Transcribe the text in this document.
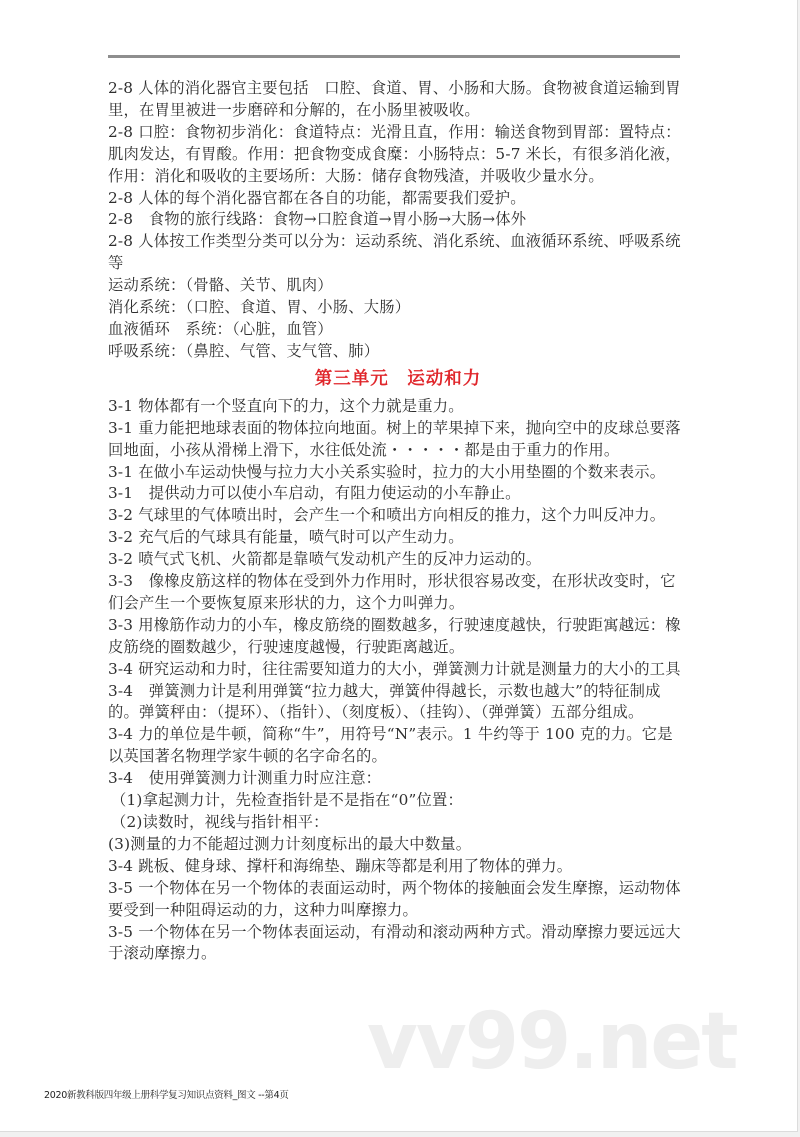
2-8 人体的消化器官主要包括　口腔、食道、胃、小肠和大肠。食物被食道运输到胃里，在胃里被进一步磨碎和分解的，在小肠里被吸收。

2-8 口腔：食物初步消化：食道特点：光滑且直，作用：输送食物到胃部：置特点：肌肉发达，有胃酸。作用：把食物变成食糜：小肠特点：5-7 米长，有很多消化液，作用：消化和吸收的主要场所：大肠：储存食物残渣，并吸收少量水分。

2-8 人体的每个消化器官都在各自的功能，都需要我们爱护。

2-8　食物的旅行线路：食物→口腔食道→胃小肠→大肠→体外

2-8 人体按工作类型分类可以分为：运动系统、消化系统、血液循环系统、呼吸系统等

运动系统：（骨骼、关节、肌肉）

消化系统：（口腔、食道、胃、小肠、大肠）

血液循环　系统：（心脏，血管）

呼吸系统：（鼻腔、气管、支气管、肺）

第三单元　运动和力

3-1 物体都有一个竖直向下的力，这个力就是重力。

3-1 重力能把地球表面的物体拉向地面。树上的苹果掉下来，抛向空中的皮球总要落回地面，小孩从滑梯上滑下，水往低处流・・・・・都是由于重力的作用。

3-1 在做小车运动快慢与拉力大小关系实验时，拉力的大小用垫圈的个数来表示。

3-1　提供动力可以使小车启动，有阻力使运动的小车静止。

3-2 气球里的气体喷出时，会产生一个和喷出方向相反的推力，这个力叫反冲力。

3-2 充气后的气球具有能量，喷气时可以产生动力。

3-2 喷气式飞机、火箭都是靠喷气发动机产生的反冲力运动的。

3-3　像橡皮筋这样的物体在受到外力作用时，形状很容易改变，在形状改变时，它们会产生一个要恢复原来形状的力，这个力叫弹力。

3-3 用橡筋作动力的小车，橡皮筋绕的圈数越多，行驶速度越快，行驶距寓越远：橡皮筋绕的圈数越少，行驶速度越慢，行驶距离越近。

3-4 研究运动和力时，往往需要知道力的大小，弹簧测力计就是测量力的大小的工具

3-4　弹簧测力计是利用弹簧“拉力越大，弹簧仲得越长，示数也越大”的特征制成的。弹簧秤由：（提环）、（指针）、（刻度板）、（挂钩）、（弹弹簧）五部分组成。

3-4 力的单位是牛顿，简称“牛”，用符号“N”表示。1 牛约等于 100 克的力。它是以英国著名物理学家牛顿的名字命名的。

3-4　使用弹簧测力计测重力时应注意：

（1)拿起测力计，先检查指针是不是指在“0”位置：

（2)读数时，视线与指针相平：

(3)测量的力不能超过测力计刻度标出的最大中数量。

3-4 跳板、健身球、撑杆和海绵垫、蹦床等都是利用了物体的弹力。

3-5 一个物体在另一个物体的表面运动时，两个物体的接触面会发生摩擦，运动物体要受到一种阻碍运动的力，这种力叫摩擦力。

3-5 一个物体在另一个物体表面运动，有滑动和滚动两种方式。滑动摩擦力要远远大于滚动摩擦力。

vv99.net
2020新教科版四年级上册科学复习知识点资料_图文 --第4页
